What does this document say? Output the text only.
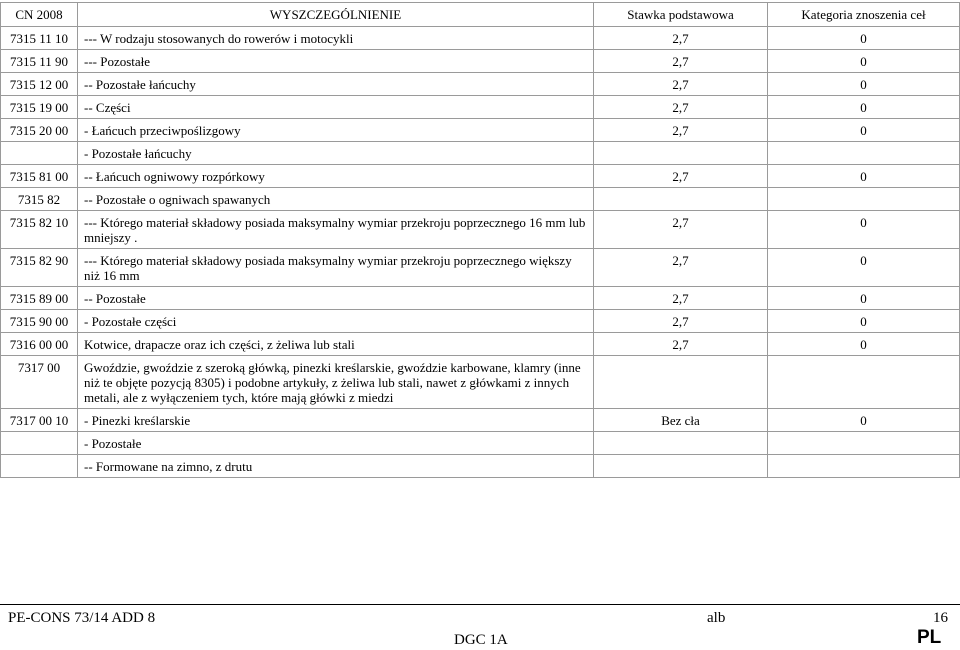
CN 2008	WYSZCZEGÓLNIENIE	Stawka podstawowa	Kategoria znoszenia ceł
7315 11 10	--- W rodzaju stosowanych do rowerów i motocykli	2,7	0
7315 11 90	--- Pozostałe	2,7	0
7315 12 00	-- Pozostałe łańcuchy	2,7	0
7315 19 00	-- Części	2,7	0
7315 20 00	- Łańcuch przeciwpoślizgowy	2,7	0
	- Pozostałe łańcuchy		
7315 81 00	-- Łańcuch ogniwowy rozpórkowy	2,7	0
7315 82	-- Pozostałe o ogniwach spawanych		
7315 82 10	--- Którego materiał składowy posiada maksymalny wymiar przekroju poprzecznego 16 mm lub mniejszy .	2,7	0
7315 82 90	--- Którego materiał składowy posiada maksymalny wymiar przekroju poprzecznego większy niż 16 mm	2,7	0
7315 89 00	-- Pozostałe	2,7	0
7315 90 00	- Pozostałe części	2,7	0
7316 00 00	Kotwice, drapacze oraz ich części, z żeliwa lub stali	2,7	0
7317 00	Gwoździe, gwoździe z szeroką główką, pinezki kreślarskie, gwoździe karbowane, klamry (inne niż te objęte pozycją 8305) i podobne artykuły, z żeliwa lub stali, nawet z główkami z innych metali, ale z wyłączeniem tych, które mają główki z miedzi		
7317 00 10	- Pinezki kreślarskie	Bez cła	0
	- Pozostałe		
	-- Formowane na zimno, z drutu		
PE-CONS 73/14 ADD 8	alb	16
DGC 1A	PL
